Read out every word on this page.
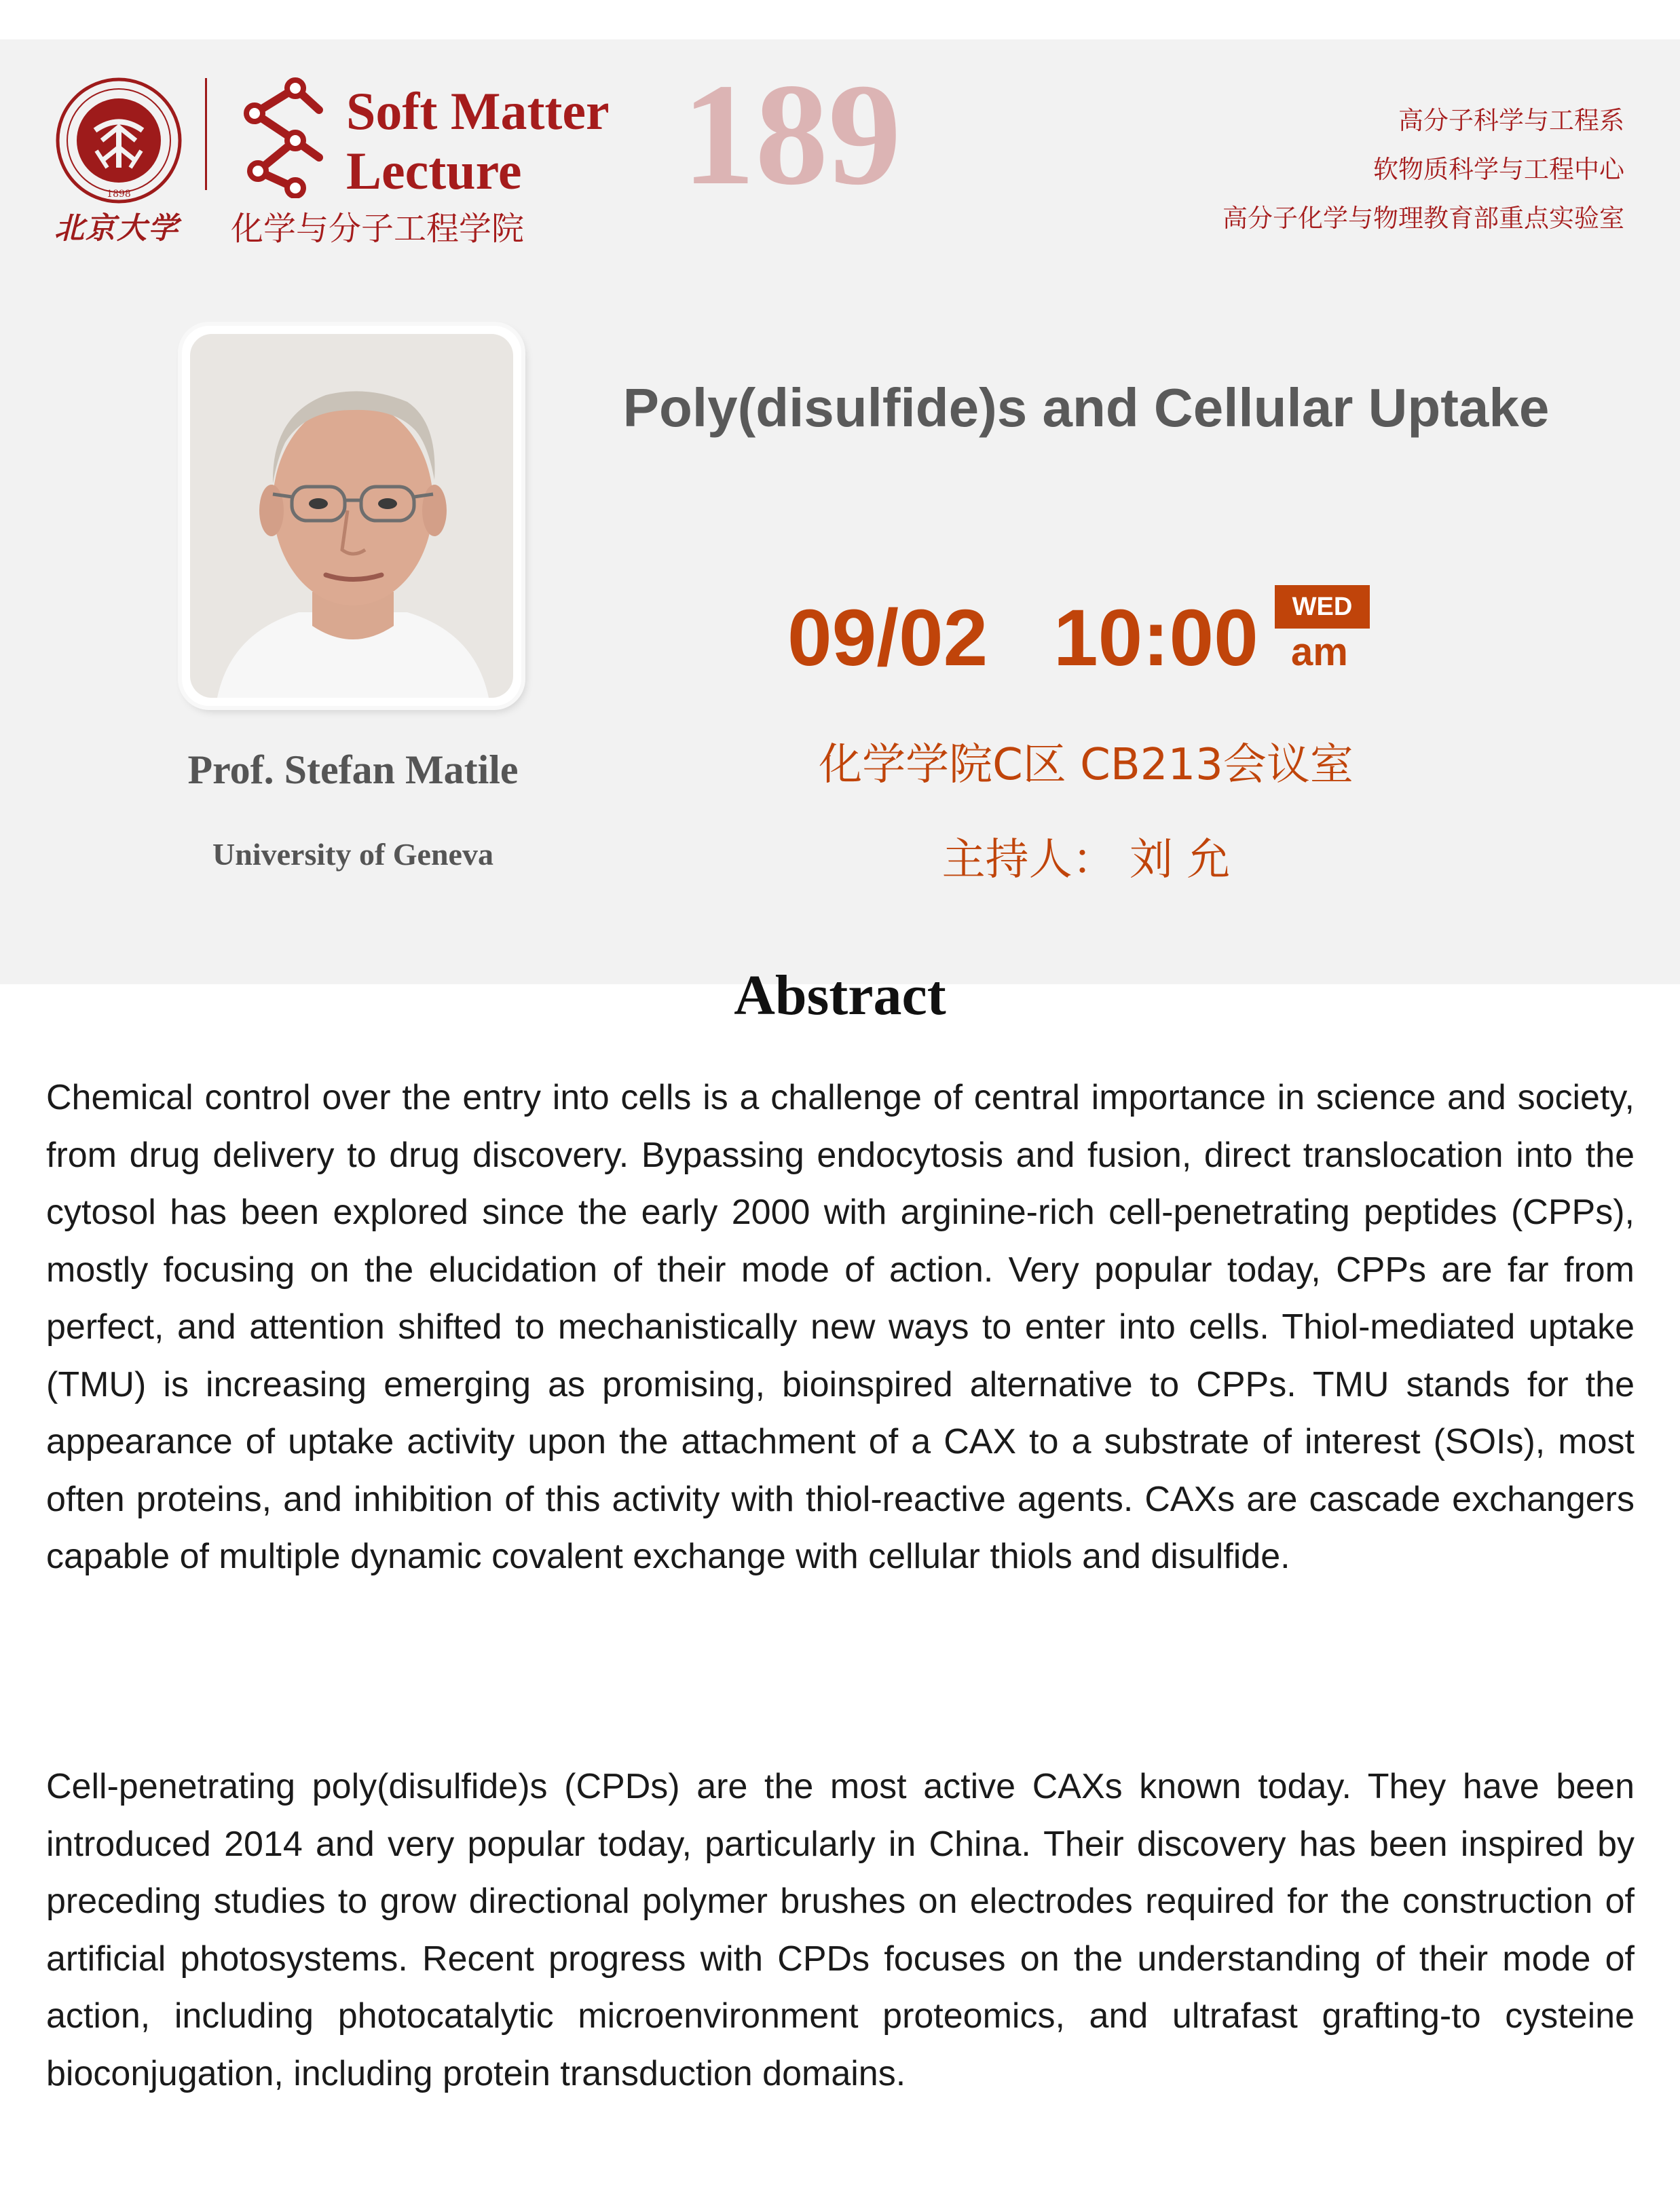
1898
北京大学
Soft Matter
Lecture
化学与分子工程学院
189	高分子科学与工程系
软物质科学与工程中心
高分子化学与物理教育部重点实验室
Prof. Stefan Matile
University of Geneva
Poly(disulfide)s and Cellular Uptake
09/02 10:00	WED
am
化学学院C区 CB213会议室
主持人： 刘 允
Abstract

Chemical control over the entry into cells is a challenge of central importance in science and society, from drug delivery to drug discovery. Bypassing endocytosis and fusion, direct translocation into the cytosol has been explored since the early 2000 with arginine-rich cell-penetrating peptides (CPPs), mostly focusing on the elucidation of their mode of action. Very popular today, CPPs are far from perfect, and attention shifted to mechanistically new ways to enter into cells. Thiol-mediated uptake (TMU) is increasing emerging as promising, bioinspired alternative to CPPs. TMU stands for the appearance of uptake activity upon the attachment of a CAX to a substrate of interest (SOIs), most often proteins, and inhibition of this activity with thiol-reactive agents. CAXs are cascade exchangers capable of multiple dynamic covalent exchange with cellular thiols and disulfide.

Cell-penetrating poly(disulfide)s (CPDs) are the most active CAXs known today. They have been introduced 2014 and very popular today, particularly in China. Their discovery has been inspired by preceding studies to grow directional polymer brushes on electrodes required for the construction of artificial photosystems. Recent progress with CPDs focuses on the understanding of their mode of action, including photocatalytic microenvironment proteomics, and ultrafast grafting-to cysteine bioconjugation, including protein transduction domains.
